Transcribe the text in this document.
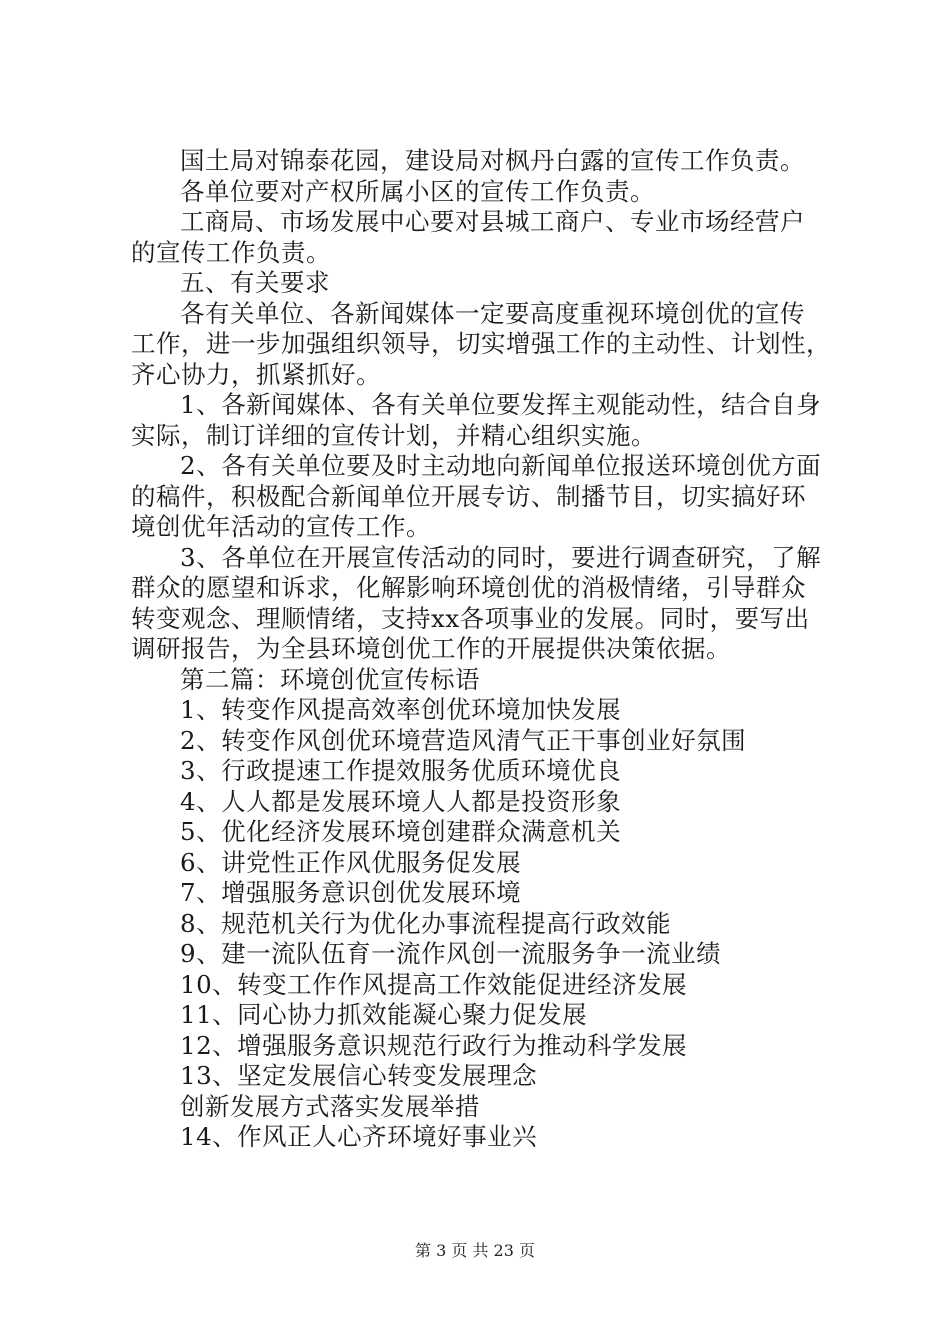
国土局对锦泰花园，建设局对枫丹白露的宣传工作负责。
各单位要对产权所属小区的宣传工作负责。
工商局、市场发展中心要对县城工商户、专业市场经营户
的宣传工作负责。
五、有关要求
各有关单位、各新闻媒体一定要高度重视环境创优的宣传
工作，进一步加强组织领导，切实增强工作的主动性、计划性，
齐心协力，抓紧抓好。
1、各新闻媒体、各有关单位要发挥主观能动性，结合自身
实际，制订详细的宣传计划，并精心组织实施。
2、各有关单位要及时主动地向新闻单位报送环境创优方面
的稿件，积极配合新闻单位开展专访、制播节目，切实搞好环
境创优年活动的宣传工作。
3、各单位在开展宣传活动的同时，要进行调查研究，了解
群众的愿望和诉求，化解影响环境创优的消极情绪，引导群众
转变观念、理顺情绪，支持xx各项事业的发展。同时，要写出
调研报告，为全县环境创优工作的开展提供决策依据。
第二篇：环境创优宣传标语
1、转变作风提高效率创优环境加快发展
2、转变作风创优环境营造风清气正干事创业好氛围
3、行政提速工作提效服务优质环境优良
4、人人都是发展环境人人都是投资形象
5、优化经济发展环境创建群众满意机关
6、讲党性正作风优服务促发展
7、增强服务意识创优发展环境
8、规范机关行为优化办事流程提高行政效能
9、建一流队伍育一流作风创一流服务争一流业绩
10、转变工作作风提高工作效能促进经济发展
11、同心协力抓效能凝心聚力促发展
12、增强服务意识规范行政行为推动科学发展
13、坚定发展信心转变发展理念
创新发展方式落实发展举措
14、作风正人心齐环境好事业兴
第 3 页 共 23 页
